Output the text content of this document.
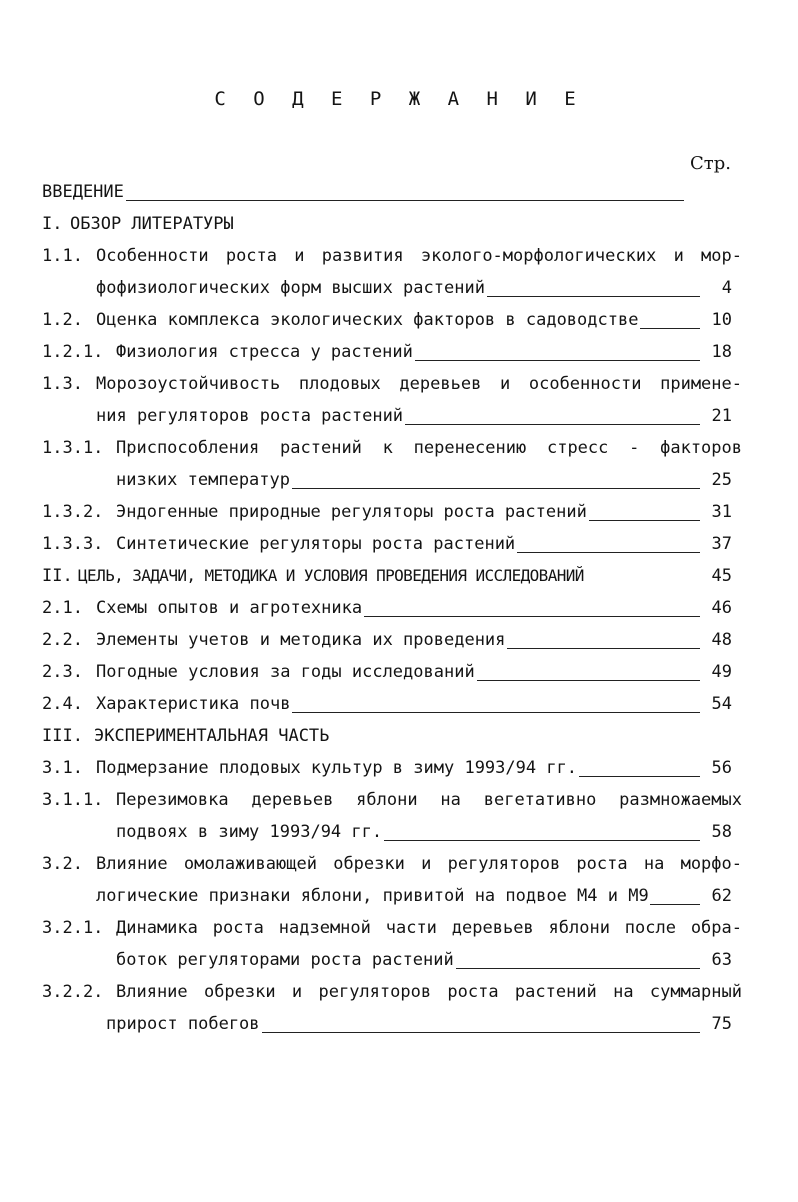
С О Д Е Р Ж А Н И Е
Стр.
ВВЕДЕНИЕ
I. ОБЗОР ЛИТЕРАТУРЫ
1.1. Особенности роста и развития эколого-морфологических и мор-
фофизиологических форм высших растений	4
1.2. Оценка комплекса экологических факторов в садоводстве	10
1.2.1. Физиология стресса у растений	18
1.3. Морозоустойчивость плодовых деревьев и особенности примене-
ния регуляторов роста растений	21
1.3.1. Приспособления растений к перенесению стресс - факторов
низких температур	25
1.3.2. Эндогенные природные регуляторы роста растений	31
1.3.3. Синтетические регуляторы роста растений	37
II. ЦЕЛЬ, ЗАДАЧИ, МЕТОДИКА И УСЛОВИЯ ПРОВЕДЕНИЯ ИССЛЕДОВАНИЙ	45
2.1. Схемы опытов и агротехника	46
2.2. Элементы учетов и методика их проведения	48
2.3. Погодные условия за годы исследований	49
2.4. Характеристика почв	54
III. ЭКСПЕРИМЕНТАЛЬНАЯ ЧАСТЬ
3.1. Подмерзание плодовых культур в зиму 1993/94 гг.	56
3.1.1. Перезимовка деревьев яблони на вегетативно размножаемых
подвоях в зиму 1993/94 гг.	58
3.2. Влияние омолаживающей обрезки и регуляторов роста на морфо-
логические признаки яблони, привитой на подвое М4 и М9	62
3.2.1. Динамика роста надземной части деревьев яблони после обра-
боток регуляторами роста растений	63
3.2.2. Влияние обрезки и регуляторов роста растений на суммарный
прирост побегов	75
